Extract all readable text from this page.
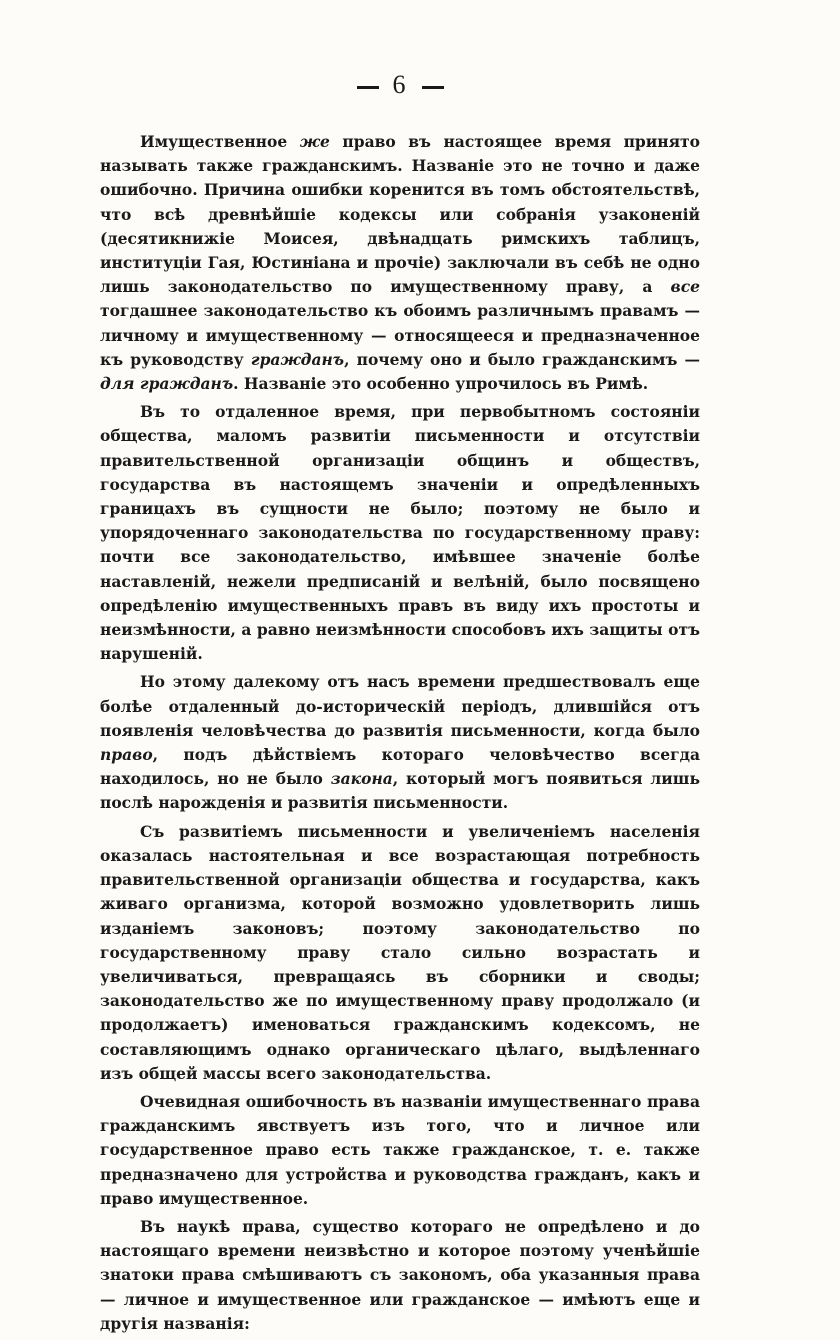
6

Имущественное же право въ настоящее время принято называть также гражданскимъ. Названіе это не точно и даже ошибочно. Причина ошибки коренится въ томъ обстоятельствѣ, что всѣ древнѣйшіе кодексы или собранія узаконеній (десятикнижіе Моисея, двѣнадцать римскихъ таблицъ, институціи Гая, Юстиніана и прочіе) заключали въ себѣ не одно лишь законодательство по имущественному праву, а все тогдашнее законодательство къ обоимъ различнымъ правамъ — личному и имущественному — относящееся и предназначенное къ руководству гражданъ, почему оно и было гражданскимъ — для гражданъ. Названіе это особенно упрочилось въ Римѣ.

Въ то отдаленное время, при первобытномъ состояніи общества, маломъ развитіи письменности и отсутствіи правительственной организаціи общинъ и обществъ, государства въ настоящемъ значеніи и опредѣленныхъ границахъ въ сущности не было; поэтому не было и упорядоченнаго законодательства по государственному праву: почти все законодательство, имѣвшее значеніе болѣе наставленій, нежели предписаній и велѣній, было посвящено опредѣленію имущественныхъ правъ въ виду ихъ простоты и неизмѣнности, а равно неизмѣнности способовъ ихъ защиты отъ нарушеній.

Но этому далекому отъ насъ времени предшествовалъ еще болѣе отдаленный до-историческій періодъ, длившійся отъ появленія человѣчества до развитія письменности, когда было право, подъ дѣйствіемъ котораго человѣчество всегда находилось, но не было закона, который могъ появиться лишь послѣ нарожденія и развитія письменности.

Съ развитіемъ письменности и увеличеніемъ населенія оказалась настоятельная и все возрастающая потребность правительственной организаціи общества и государства, какъ живаго организма, которой возможно удовлетворить лишь изданіемъ законовъ; поэтому законодательство по государственному праву стало сильно возрастать и увеличиваться, превращаясь въ сборники и своды; законодательство же по имущественному праву продолжало (и продолжаетъ) именоваться гражданскимъ кодексомъ, не составляющимъ однако органическаго цѣлаго, выдѣленнаго изъ общей массы всего законодательства.

Очевидная ошибочность въ названіи имущественнаго права гражданскимъ явствуетъ изъ того, что и личное или государственное право есть также гражданское, т. е. также предназначено для устройства и руководства гражданъ, какъ и право имущественное.

Въ наукѣ права, существо котораго не опредѣлено и до настоящаго времени неизвѣстно и которое поэтому ученѣйшіе знатоки права смѣшиваютъ съ закономъ, оба указанныя права — личное и имущественное или гражданское — имѣютъ еще и другія названія:
